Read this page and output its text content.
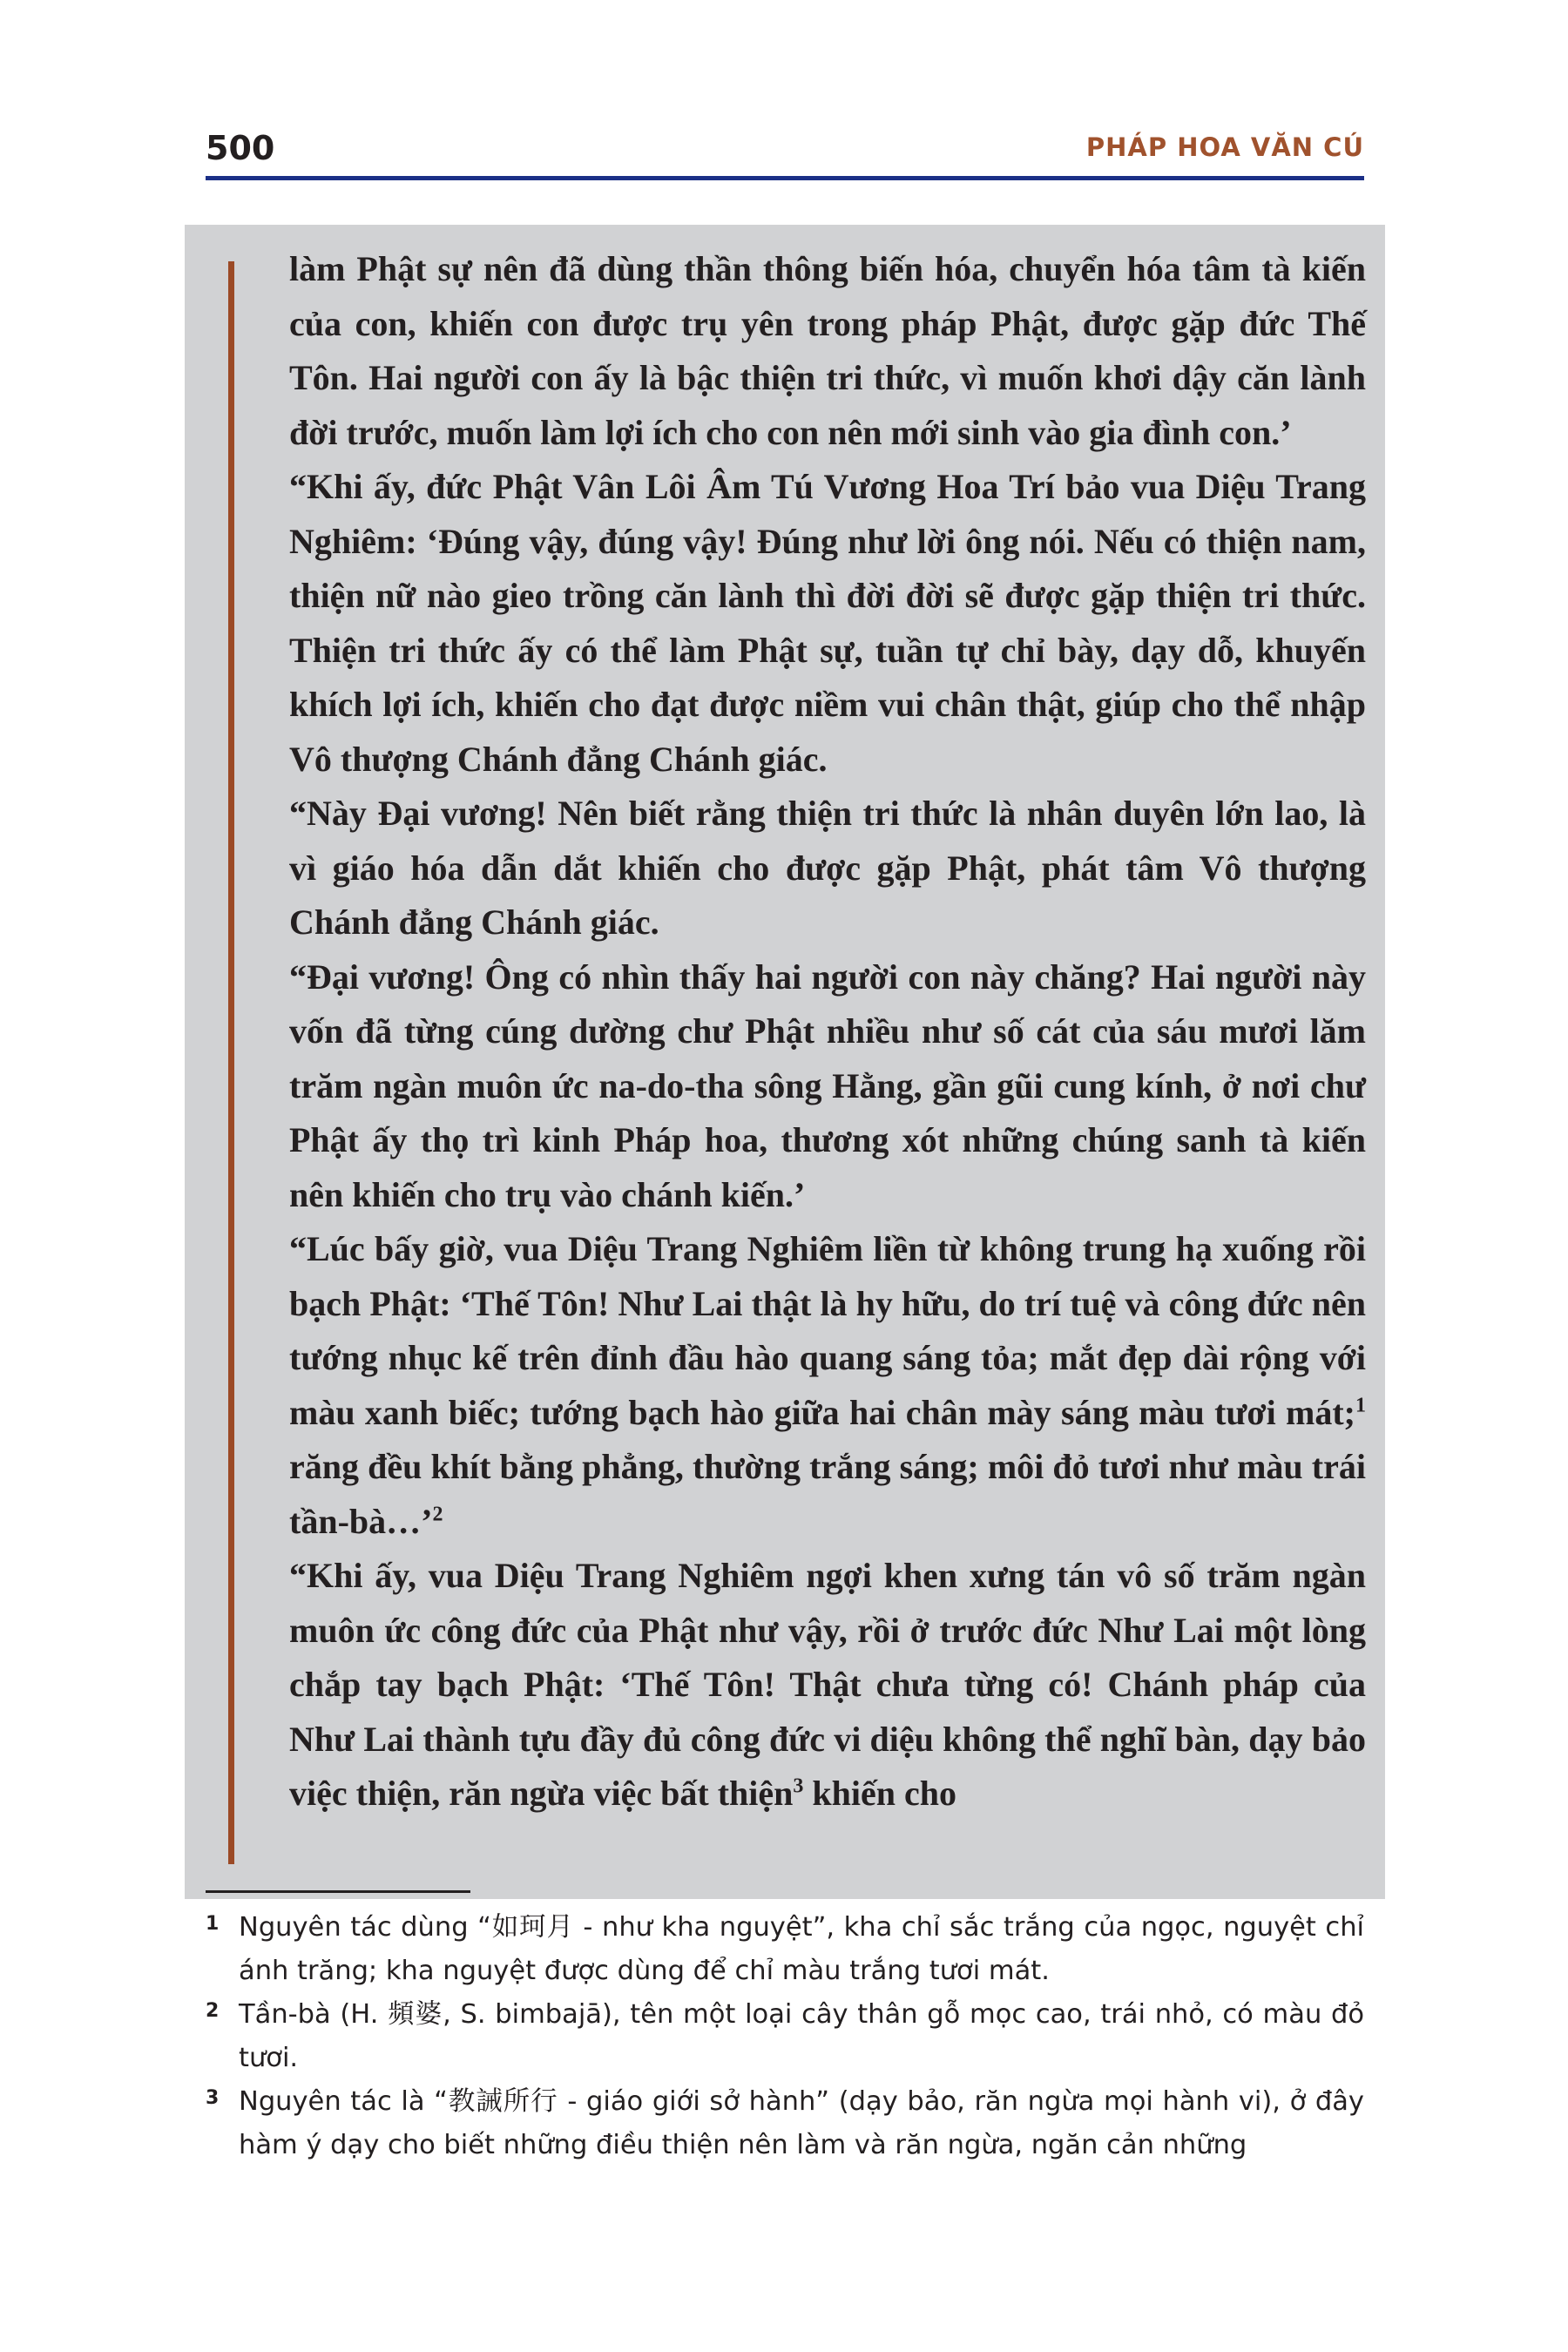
500	PHÁP HOA VĂN CÚ

làm Phật sự nên đã dùng thần thông biến hóa, chuyển hóa tâm tà kiến của con, khiến con được trụ yên trong pháp Phật, được gặp đức Thế Tôn. Hai người con ấy là bậc thiện tri thức, vì muốn khơi dậy căn lành đời trước, muốn làm lợi ích cho con nên mới sinh vào gia đình con.’

“Khi ấy, đức Phật Vân Lôi Âm Tú Vương Hoa Trí bảo vua Diệu Trang Nghiêm: ‘Đúng vậy, đúng vậy! Đúng như lời ông nói. Nếu có thiện nam, thiện nữ nào gieo trồng căn lành thì đời đời sẽ được gặp thiện tri thức. Thiện tri thức ấy có thể làm Phật sự, tuần tự chỉ bày, dạy dỗ, khuyến khích lợi ích, khiến cho đạt được niềm vui chân thật, giúp cho thể nhập Vô thượng Chánh đẳng Chánh giác.

“Này Đại vương! Nên biết rằng thiện tri thức là nhân duyên lớn lao, là vì giáo hóa dẫn dắt khiến cho được gặp Phật, phát tâm Vô thượng Chánh đẳng Chánh giác.

“Đại vương! Ông có nhìn thấy hai người con này chăng? Hai người này vốn đã từng cúng dường chư Phật nhiều như số cát của sáu mươi lăm trăm ngàn muôn ức na-do-tha sông Hằng, gần gũi cung kính, ở nơi chư Phật ấy thọ trì kinh Pháp hoa, thương xót những chúng sanh tà kiến nên khiến cho trụ vào chánh kiến.’

“Lúc bấy giờ, vua Diệu Trang Nghiêm liền từ không trung hạ xuống rồi bạch Phật: ‘Thế Tôn! Như Lai thật là hy hữu, do trí tuệ và công đức nên tướng nhục kế trên đỉnh đầu hào quang sáng tỏa; mắt đẹp dài rộng với màu xanh biếc; tướng bạch hào giữa hai chân mày sáng màu tươi mát;$^1$ răng đều khít bằng phẳng, thường trắng sáng; môi đỏ tươi như màu trái tần-bà…’$^2$

“Khi ấy, vua Diệu Trang Nghiêm ngợi khen xưng tán vô số trăm ngàn muôn ức công đức của Phật như vậy, rồi ở trước đức Như Lai một lòng chắp tay bạch Phật: ‘Thế Tôn! Thật chưa từng có! Chánh pháp của Như Lai thành tựu đầy đủ công đức vi diệu không thể nghĩ bàn, dạy bảo việc thiện, răn ngừa việc bất thiện$^3$ khiến cho

1 Nguyên tác dùng “如珂月 - như kha nguyệt”, kha chỉ sắc trắng của ngọc, nguyệt chỉ ánh trăng; kha nguyệt được dùng để chỉ màu trắng tươi mát.

2 Tần-bà (H. 頻婆, S. bimbajā), tên một loại cây thân gỗ mọc cao, trái nhỏ, có màu đỏ tươi.

3 Nguyên tác là “教誡所行 - giáo giới sở hành” (dạy bảo, răn ngừa mọi hành vi), ở đây hàm ý dạy cho biết những điều thiện nên làm và răn ngừa, ngăn cản những
